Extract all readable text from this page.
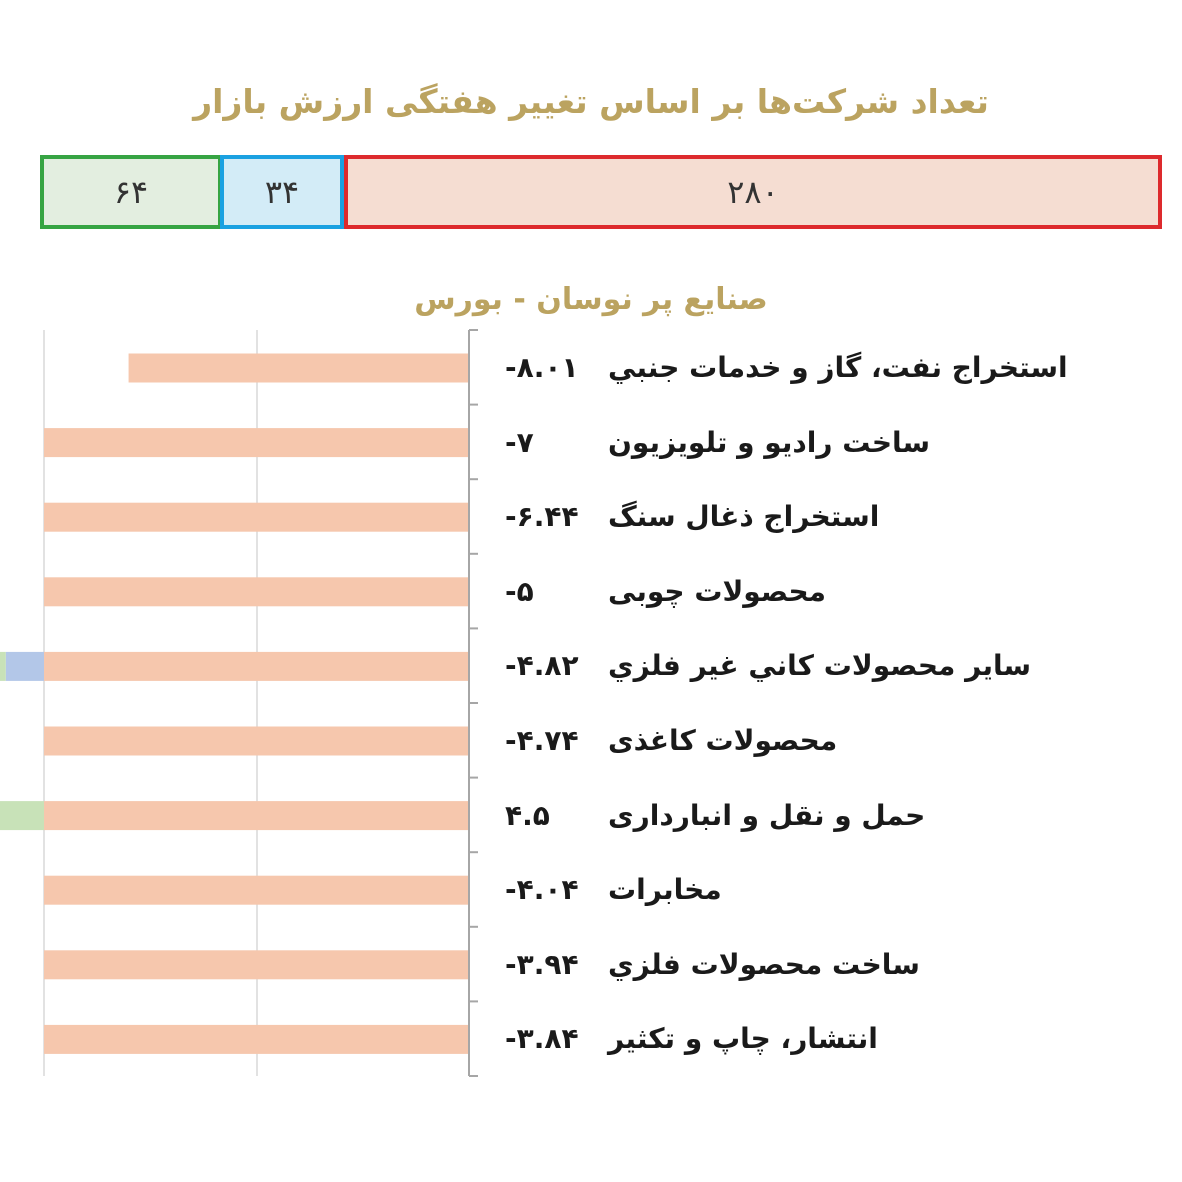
تعداد شرکت‌ها بر اساس تغییر هفتگی ارزش بازار
۶۴	۳۴	۲۸۰
صنایع پر نوسان - بورس
-۸.۰۱ استخراج نفت، گاز و خدمات جنبي
-۷	ساخت راديو و تلويزيون
-۶.۴۴ استخراج ذغال سنگ
-۵	محصولات چوبی
-۴.۸۲ ساير محصولات كاني غير فلزي
-۴.۷۴ محصولات كاغذی
۴.۵ حمل و نقل و انبارداری
-۴.۰۴ مخابرات
-۳.۹۴ ساخت محصولات فلزي
-۳.۸۴ انتشار، چاپ و تكثير
